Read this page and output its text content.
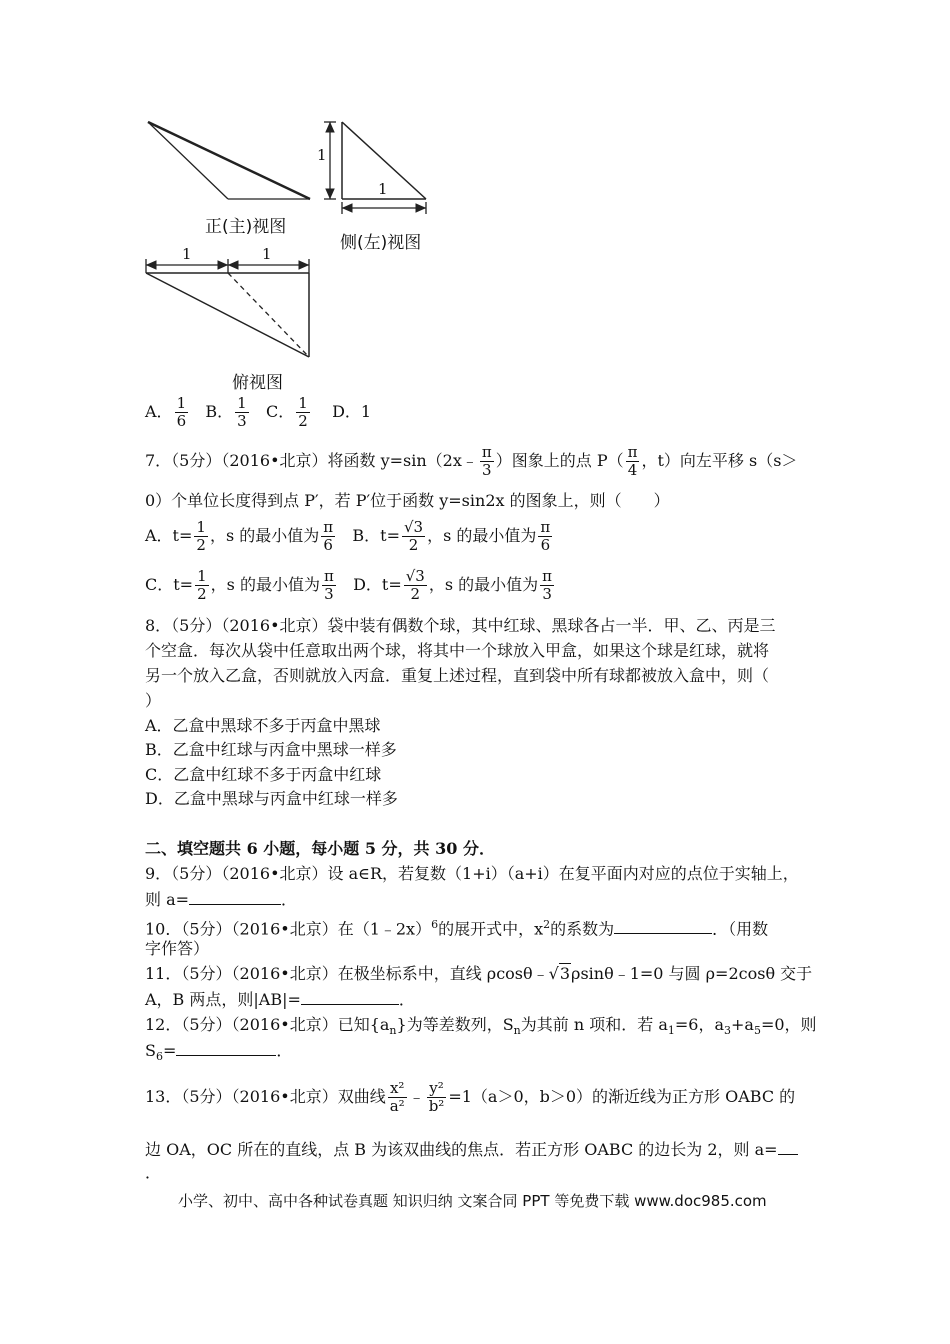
1
1
1	1
正(主)视图
侧(左)视图
俯视图
A． $\frac{1}{6}$ B． $\frac{1}{3}$ C． $\frac{1}{2}$ D．1
7．（5分）（2016•北京）将函数 y=sin（2x﹣ $\frac{\pi}{3}$ ）图象上的点 $P( \frac{\pi}{4}$ ，t）向左平移 s（s＞
0）个单位长度得到点 P′，若 P′位于函数 y=sin2x 的图象上，则（　　）
A．$t= \frac{1}{2}$ ，s 的最小值为 $\frac{\pi}{6}$ B．$t= \frac{√3}{2}$ ，s 的最小值为 $\frac{\pi}{6}$
C．$t= \frac{1}{2}$ ，s 的最小值为 $\frac{\pi}{3}$ D．$t= \frac{√3}{2}$ ，s 的最小值为 $\frac{\pi}{3}$
8．（5分）（2016•北京）袋中装有偶数个球，其中红球、黑球各占一半．甲、乙、丙是三
个空盒．每次从袋中任意取出两个球，将其中一个球放入甲盒，如果这个球是红球，就将
另一个放入乙盒，否则就放入丙盒．重复上述过程，直到袋中所有球都被放入盒中，则（
）
A．乙盒中黑球不多于丙盒中黑球
B．乙盒中红球与丙盒中黑球一样多
C．乙盒中红球不多于丙盒中红球
D．乙盒中黑球与丙盒中红球一样多
二、填空题共 6 小题，每小题 5 分，共 30 分．
9．（5分）（2016•北京）设 a∈R，若复数（1+i）（a+i）在复平面内对应的点位于实轴上，
则 a=	．
10．（5分）（2016•北京）在（1﹣2x）$^6$的展开式中，$x^2$的系数为	．（用数
字作答）
11．（5分）（2016•北京）在极坐标系中，直线 ρcosθ﹣√3ρsinθ﹣1=0 与圆 ρ=2cosθ 交于
A，B 两点，则|AB|=	．
12．（5分）（2016•北京）已知$\{a_n\}$为等差数列，$S_n$为其前 n 项和．若 $a_1=6$，$a_3+a_5=0$，则
$S_6=$	．
13．（5分）（2016•北京）双曲线 $\frac{\text{x²}}{\text{a²}}$ ﹣ $\frac{\text{y²}}{\text{b²}} =1(a>0$，b＞0）的渐近线为正方形 OABC 的
边 OA，OC 所在的直线，点 B 为该双曲线的焦点．若正方形 OABC 的边长为 2，则 a=
．
小学、初中、高中各种试卷真题 知识归纳 文案合同 PPT 等免费下载 www.doc985.com
